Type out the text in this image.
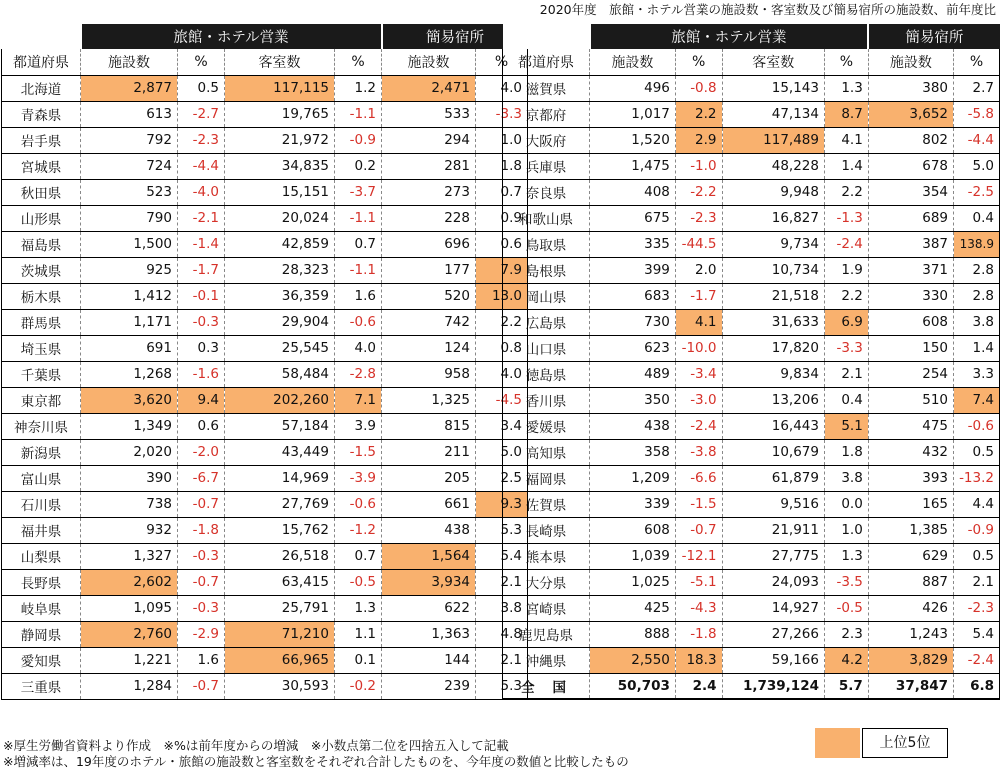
2020年度　旅館・ホテル営業の施設数・客室数及び簡易宿所の施設数、前年度比
	旅館・ホテル営業				簡易宿所	
都道府県	施設数	%	客室数	%	施設数	%
北海道	2,877	0.5	117,115	1.2	2,471	4.0
青森県	613	-2.7	19,765	-1.1	533	-3.3
岩手県	792	-2.3	21,972	-0.9	294	1.0
宮城県	724	-4.4	34,835	0.2	281	1.8
秋田県	523	-4.0	15,151	-3.7	273	0.7
山形県	790	-2.1	20,024	-1.1	228	0.9
福島県	1,500	-1.4	42,859	0.7	696	0.6
茨城県	925	-1.7	28,323	-1.1	177	7.9
栃木県	1,412	-0.1	36,359	1.6	520	13.0
群馬県	1,171	-0.3	29,904	-0.6	742	2.2
埼玉県	691	0.3	25,545	4.0	124	0.8
千葉県	1,268	-1.6	58,484	-2.8	958	4.0
東京都	3,620	9.4	202,260	7.1	1,325	-4.5
神奈川県	1,349	0.6	57,184	3.9	815	3.4
新潟県	2,020	-2.0	43,449	-1.5	211	5.0
富山県	390	-6.7	14,969	-3.9	205	2.5
石川県	738	-0.7	27,769	-0.6	661	9.3
福井県	932	-1.8	15,762	-1.2	438	5.3
山梨県	1,327	-0.3	26,518	0.7	1,564	5.4
長野県	2,602	-0.7	63,415	-0.5	3,934	2.1
岐阜県	1,095	-0.3	25,791	1.3	622	3.8
静岡県	2,760	-2.9	71,210	1.1	1,363	4.8
愛知県	1,221	1.6	66,965	0.1	144	2.1
三重県	1,284	-0.7	30,593	-0.2	239	5.3
	旅館・ホテル営業				簡易宿所	
都道府県	施設数	%	客室数	%	施設数	%
滋賀県	496	-0.8	15,143	1.3	380	2.7
京都府	1,017	2.2	47,134	8.7	3,652	-5.8
大阪府	1,520	2.9	117,489	4.1	802	-4.4
兵庫県	1,475	-1.0	48,228	1.4	678	5.0
奈良県	408	-2.2	9,948	2.2	354	-2.5
和歌山県	675	-2.3	16,827	-1.3	689	0.4
鳥取県	335	-44.5	9,734	-2.4	387	138.9
島根県	399	2.0	10,734	1.9	371	2.8
岡山県	683	-1.7	21,518	2.2	330	2.8
広島県	730	4.1	31,633	6.9	608	3.8
山口県	623	-10.0	17,820	-3.3	150	1.4
徳島県	489	-3.4	9,834	2.1	254	3.3
香川県	350	-3.0	13,206	0.4	510	7.4
愛媛県	438	-2.4	16,443	5.1	475	-0.6
高知県	358	-3.8	10,679	1.8	432	0.5
福岡県	1,209	-6.6	61,879	3.8	393	-13.2
佐賀県	339	-1.5	9,516	0.0	165	4.4
長崎県	608	-0.7	21,911	1.0	1,385	-0.9
熊本県	1,039	-12.1	27,775	1.3	629	0.5
大分県	1,025	-5.1	24,093	-3.5	887	2.1
宮崎県	425	-4.3	14,927	-0.5	426	-2.3
鹿児島県	888	-1.8	27,266	2.3	1,243	5.4
沖縄県	2,550	18.3	59,166	4.2	3,829	-2.4
全国	50,703	2.4	1,739,124	5.7	37,847	6.8
上位5位
※厚生労働省資料より作成　※%は前年度からの増減　※小数点第二位を四捨五入して記載
※増減率は、19年度のホテル・旅館の施設数と客室数をそれぞれ合計したものを、今年度の数値と比較したもの
